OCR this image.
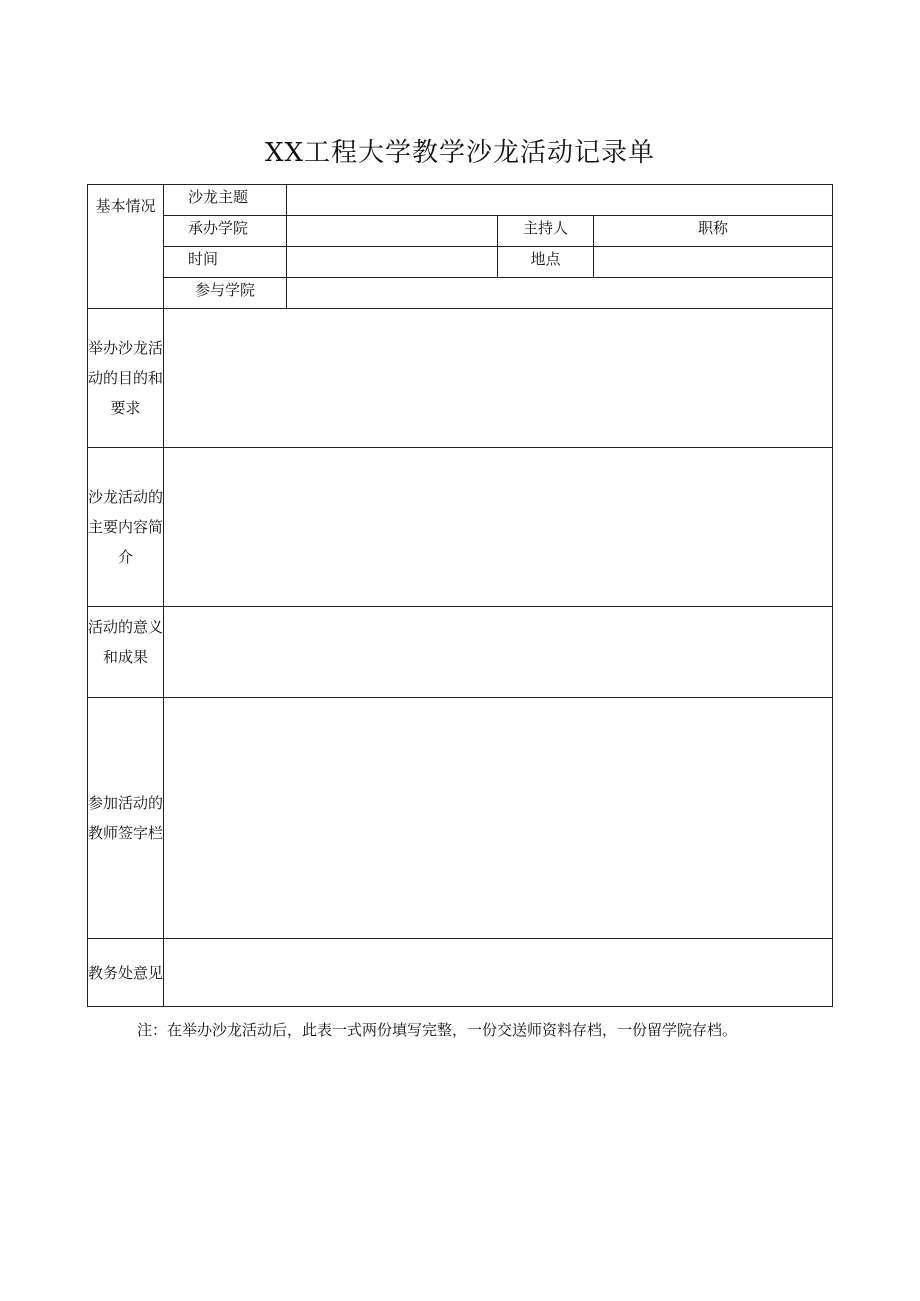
XX工程大学教学沙龙活动记录单
基本情况	沙龙主题			
	承办学院		主持人	职称
	时间		地点	
	参与学院			
举办沙龙活动的目的和要求				
沙龙活动的主要内容简介				
活动的意义和成果				
参加活动的教师签字栏				
教务处意见				
注：在举办沙龙活动后，此表一式两份填写完整，一份交送师资料存档，一份留学院存档。
